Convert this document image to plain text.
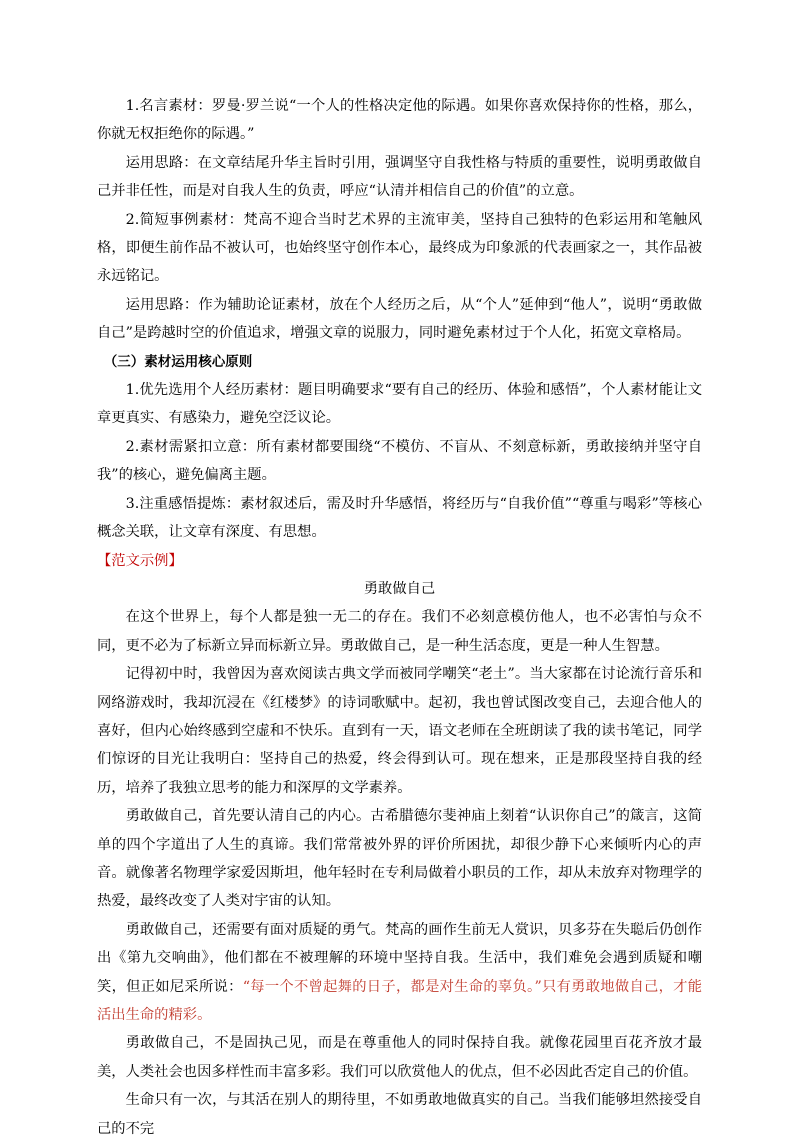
1.名言素材：罗曼·罗兰说“一个人的性格决定他的际遇。如果你喜欢保持你的性格，那么，你就无权拒绝你的际遇。”

运用思路：在文章结尾升华主旨时引用，强调坚守自我性格与特质的重要性，说明勇敢做自己并非任性，而是对自我人生的负责，呼应“认清并相信自己的价值”的立意。

2.简短事例素材：梵高不迎合当时艺术界的主流审美，坚持自己独特的色彩运用和笔触风格，即便生前作品不被认可，也始终坚守创作本心，最终成为印象派的代表画家之一，其作品被永远铭记。

运用思路：作为辅助论证素材，放在个人经历之后，从“个人”延伸到“他人”，说明“勇敢做自己”是跨越时空的价值追求，增强文章的说服力，同时避免素材过于个人化，拓宽文章格局。

（三）素材运用核心原则

1.优先选用个人经历素材：题目明确要求“要有自己的经历、体验和感悟”，个人素材能让文章更真实、有感染力，避免空泛议论。

2.素材需紧扣立意：所有素材都要围绕“不模仿、不盲从、不刻意标新，勇敢接纳并坚守自我”的核心，避免偏离主题。

3.注重感悟提炼：素材叙述后，需及时升华感悟，将经历与“自我价值”“尊重与喝彩”等核心概念关联，让文章有深度、有思想。

【范文示例】

勇敢做自己

在这个世界上，每个人都是独一无二的存在。我们不必刻意模仿他人，也不必害怕与众不同，更不必为了标新立异而标新立异。勇敢做自己，是一种生活态度，更是一种人生智慧。

记得初中时，我曾因为喜欢阅读古典文学而被同学嘲笑“老土”。当大家都在讨论流行音乐和网络游戏时，我却沉浸在《红楼梦》的诗词歌赋中。起初，我也曾试图改变自己，去迎合他人的喜好，但内心始终感到空虚和不快乐。直到有一天，语文老师在全班朗读了我的读书笔记，同学们惊讶的目光让我明白：坚持自己的热爱，终会得到认可。现在想来，正是那段坚持自我的经历，培养了我独立思考的能力和深厚的文学素养。

勇敢做自己，首先要认清自己的内心。古希腊德尔斐神庙上刻着“认识你自己”的箴言，这简单的四个字道出了人生的真谛。我们常常被外界的评价所困扰，却很少静下心来倾听内心的声音。就像著名物理学家爱因斯坦，他年轻时在专利局做着小职员的工作，却从未放弃对物理学的热爱，最终改变了人类对宇宙的认知。

勇敢做自己，还需要有面对质疑的勇气。梵高的画作生前无人赏识，贝多芬在失聪后仍创作出《第九交响曲》，他们都在不被理解的环境中坚持自我。生活中，我们难免会遇到质疑和嘲笑，但正如尼采所说：“每一个不曾起舞的日子，都是对生命的辜负。”只有勇敢地做自己，才能活出生命的精彩。

勇敢做自己，不是固执己见，而是在尊重他人的同时保持自我。就像花园里百花齐放才最美，人类社会也因多样性而丰富多彩。我们可以欣赏他人的优点，但不必因此否定自己的价值。

生命只有一次，与其活在别人的期待里，不如勇敢地做真实的自己。当我们能够坦然接受自己的不完
